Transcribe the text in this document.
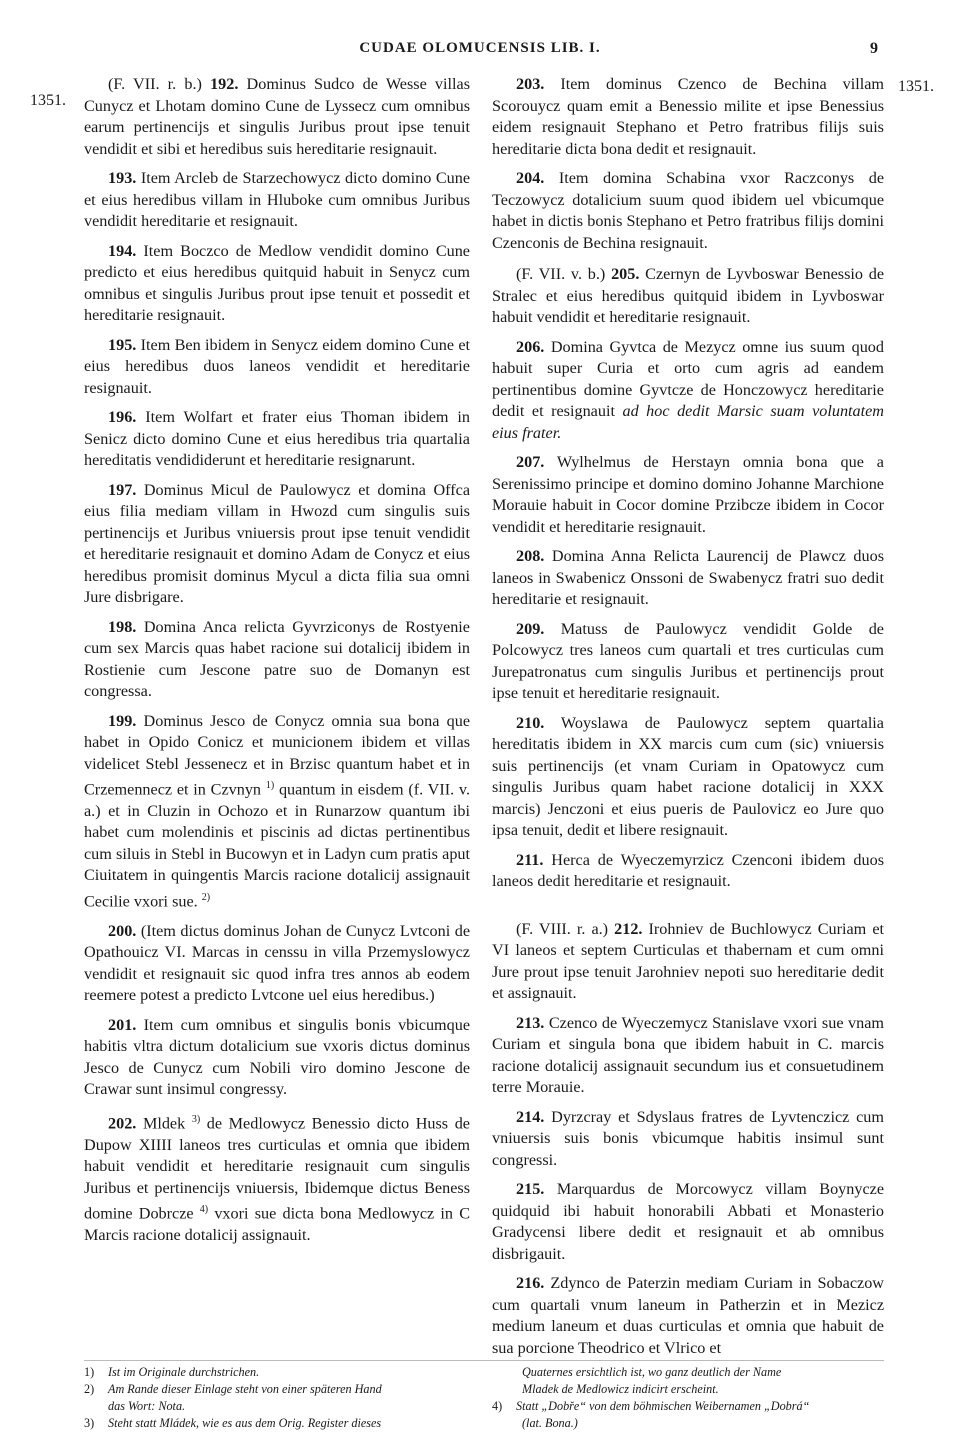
CUDAE OLOMUCENSIS LIB. I.	9
1351.
1351.

(F. VII. r. b.) 192. Dominus Sudco de Wesse villas Cunycz et Lhotam domino Cune de Lyssecz cum omnibus earum pertinencijs et singulis Juribus prout ipse tenuit vendidit et sibi et heredibus suis hereditarie resignauit.

193. Item Arcleb de Starzechowycz dicto domino Cune et eius heredibus villam in Hluboke cum omnibus Juribus vendidit hereditarie et resignauit.

194. Item Boczco de Medlow vendidit domino Cune predicto et eius heredibus quitquid habuit in Senycz cum omnibus et singulis Juribus prout ipse tenuit et possedit et hereditarie resignauit.

195. Item Ben ibidem in Senycz eidem domino Cune et eius heredibus duos laneos vendidit et hereditarie resignauit.

196. Item Wolfart et frater eius Thoman ibidem in Senicz dicto domino Cune et eius heredibus tria quartalia hereditatis vendididerunt et hereditarie resignarunt.

197. Dominus Micul de Paulowycz et domina Offca eius filia mediam villam in Hwozd cum singulis suis pertinencijs et Juribus vniuersis prout ipse tenuit vendidit et hereditarie resignauit et domino Adam de Conycz et eius heredibus promisit dominus Mycul a dicta filia sua omni Jure disbrigare.

198. Domina Anca relicta Gyvrziconys de Rostyenie cum sex Marcis quas habet racione sui dotalicij ibidem in Rostienie cum Jescone patre suo de Domanyn est congressa.

199. Dominus Jesco de Conycz omnia sua bona que habet in Opido Conicz et municionem ibidem et villas videlicet Stebl Jessenecz et in Brzisc quantum habet et in Crzemennecz et in Czvnyn $^{1)}$ quantum in eisdem (f. VII. v. a.) et in Cluzin in Ochozo et in Runarzow quantum ibi habet cum molendinis et piscinis ad dictas pertinentibus cum siluis in Stebl in Bucowyn et in Ladyn cum pratis aput Ciuitatem in quingentis Marcis racione dotalicij assignauit Cecilie vxori sue. $^{2)}$

200. (Item dictus dominus Johan de Cunycz Lvtconi de Opathouicz VI. Marcas in censsu in villa Przemyslowycz vendidit et resignauit sic quod infra tres annos ab eodem reemere potest a predicto Lvtcone uel eius heredibus.)

201. Item cum omnibus et singulis bonis vbicumque habitis vltra dictum dotalicium sue vxoris dictus dominus Jesco de Cunycz cum Nobili viro domino Jescone de Crawar sunt insimul congressy.

202. Mldek $^{3)}$ de Medlowycz Benessio dicto Huss de Dupow XIIII laneos tres curticulas et omnia que ibidem habuit vendidit et hereditarie resignauit cum singulis Juribus et pertinencijs vniuersis, Ibidemque dictus Beness domine Dobrcze $^{4)}$ vxori sue dicta bona Medlowycz in C Marcis racione dotalicij assignauit.

203. Item dominus Czenco de Bechina villam Scorouycz quam emit a Benessio milite et ipse Benessius eidem resignauit Stephano et Petro fratribus filijs suis hereditarie dicta bona dedit et resignauit.

204. Item domina Schabina vxor Raczconys de Teczowycz dotalicium suum quod ibidem uel vbicumque habet in dictis bonis Stephano et Petro fratribus filijs domini Czenconis de Bechina resignauit.

(F. VII. v. b.) 205. Czernyn de Lyvboswar Benessio de Stralec et eius heredibus quitquid ibidem in Lyvboswar habuit vendidit et hereditarie resignauit.

206. Domina Gyvtca de Mezycz omne ius suum quod habuit super Curia et orto cum agris ad eandem pertinentibus domine Gyvtcze de Honczowycz hereditarie dedit et resignauit ad hoc dedit Marsic suam voluntatem eius frater.

207. Wylhelmus de Herstayn omnia bona que a Serenissimo principe et domino domino Johanne Marchione Morauie habuit in Cocor domine Przibcze ibidem in Cocor vendidit et hereditarie resignauit.

208. Domina Anna Relicta Laurencij de Plawcz duos laneos in Swabenicz Onssoni de Swabenycz fratri suo dedit hereditarie et resignauit.

209. Matuss de Paulowycz vendidit Golde de Polcowycz tres laneos cum quartali et tres curticulas cum Jurepatronatus cum singulis Juribus et pertinencijs prout ipse tenuit et hereditarie resignauit.

210. Woyslawa de Paulowycz septem quartalia hereditatis ibidem in XX marcis cum cum (sic) vniuersis suis pertinencijs (et vnam Curiam in Opatowycz cum singulis Juribus quam habet racione dotalicij in XXX marcis) Jenczoni et eius pueris de Paulovicz eo Jure quo ipsa tenuit, dedit et libere resignauit.

211. Herca de Wyeczemyrzicz Czenconi ibidem duos laneos dedit hereditarie et resignauit.

(F. VIII. r. a.) 212. Irohniev de Buchlowycz Curiam et VI laneos et septem Curticulas et thabernam et cum omni Jure prout ipse tenuit Jarohniev nepoti suo hereditarie dedit et assignauit.

213. Czenco de Wyeczemycz Stanislave vxori sue vnam Curiam et singula bona que ibidem habuit in C. marcis racione dotalicij assignauit secundum ius et consuetudinem terre Morauie.

214. Dyrzcray et Sdyslaus fratres de Lyvtenczicz cum vniuersis suis bonis vbicumque habitis insimul sunt congressi.

215. Marquardus de Morcowycz villam Boynycze quidquid ibi habuit honorabili Abbati et Monasterio Gradycensi libere dedit et resignauit et ab omnibus disbrigauit.

216. Zdynco de Paterzin mediam Curiam in Sobaczow cum quartali vnum laneum in Patherzin et in Mezicz medium laneum et duas curticulas et omnia que habuit de sua porcione Theodrico et Vlrico et

1) Ist im Originale durchstrichen.

2) Am Rande dieser Einlage steht von einer späteren Hand

das Wort: Nota.

3) Steht statt Mládek, wie es aus dem Orig. Register dieses

Quaternes ersichtlich ist, wo ganz deutlich der Name

Mladek de Medlowicz indicirt erscheint.

4) Statt „Dobře“ von dem böhmischen Weibernamen „Dobrá“

(lat. Bona.)
